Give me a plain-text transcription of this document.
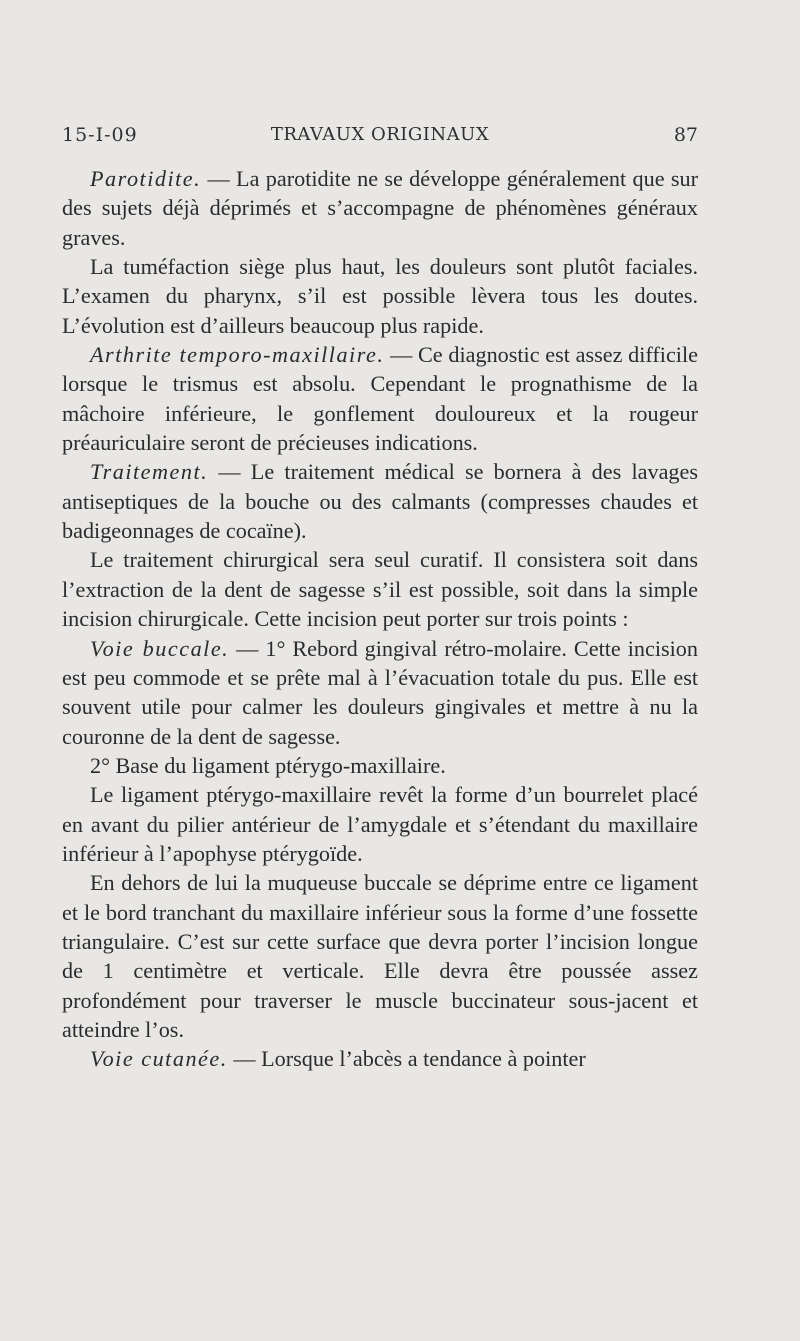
15-I-09	TRAVAUX ORIGINAUX	87

Parotidite. — La parotidite ne se développe généralement que sur des sujets déjà déprimés et s’accompagne de phénomènes généraux graves.

La tuméfaction siège plus haut, les douleurs sont plutôt faciales. L’examen du pharynx, s’il est possible lèvera tous les doutes. L’évolution est d’ailleurs beaucoup plus rapide.

Arthrite temporo-maxillaire. — Ce diagnostic est assez difficile lorsque le trismus est absolu. Cependant le prognathisme de la mâchoire inférieure, le gonflement douloureux et la rougeur préauriculaire seront de précieuses indications.

Traitement. — Le traitement médical se bornera à des lavages antiseptiques de la bouche ou des calmants (compresses chaudes et badigeonnages de cocaïne).

Le traitement chirurgical sera seul curatif. Il consistera soit dans l’extraction de la dent de sagesse s’il est possible, soit dans la simple incision chirurgicale. Cette incision peut porter sur trois points :

Voie buccale. — 1° Rebord gingival rétro-molaire. Cette incision est peu commode et se prête mal à l’évacuation totale du pus. Elle est souvent utile pour calmer les douleurs gingivales et mettre à nu la couronne de la dent de sagesse.

2° Base du ligament ptérygo-maxillaire.

Le ligament ptérygo-maxillaire revêt la forme d’un bourrelet placé en avant du pilier antérieur de l’amygdale et s’étendant du maxillaire inférieur à l’apophyse ptérygoïde.

En dehors de lui la muqueuse buccale se déprime entre ce ligament et le bord tranchant du maxillaire inférieur sous la forme d’une fossette triangulaire. C’est sur cette surface que devra porter l’incision longue de 1 centimètre et verticale. Elle devra être poussée assez profondément pour traverser le muscle buccinateur sous-jacent et atteindre l’os.

Voie cutanée. — Lorsque l’abcès a tendance à pointer
